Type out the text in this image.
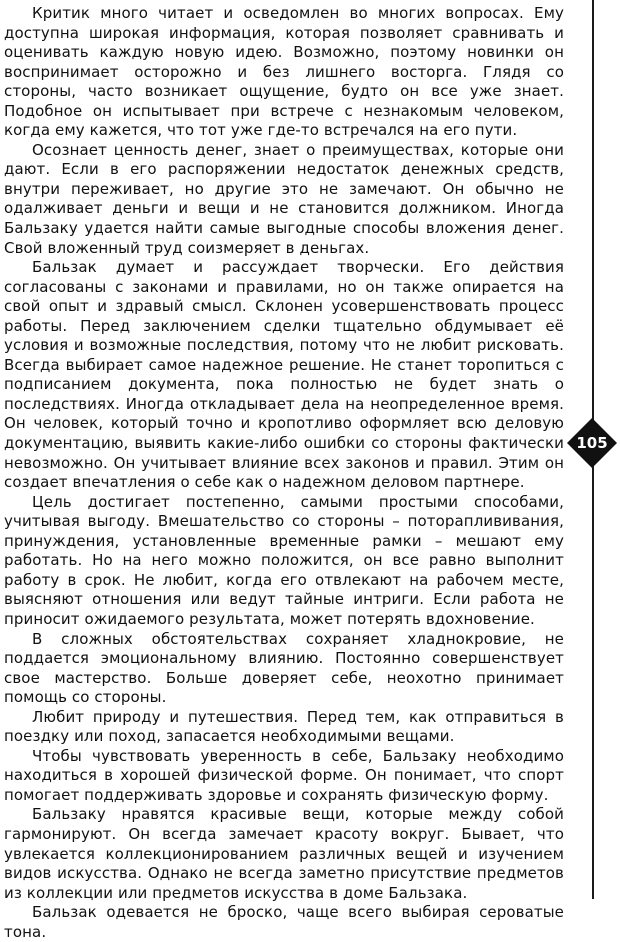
Критик много читает и осведомлен во многих вопросах. Ему доступна широкая информация, которая позволяет сравнивать и оценивать каждую новую идею. Возможно, поэтому новинки он воспринимает осторожно и без лишнего восторга. Глядя со стороны, часто возникает ощущение, будто он все уже знает. Подобное он испытывает при встрече с незнакомым человеком, когда ему кажется, что тот уже где-то встречался на его пути.

Осознает ценность денег, знает о преимуществах, которые они дают. Если в его распоряжении недостаток денежных средств, внутри переживает, но другие это не замечают. Он обычно не одалживает деньги и вещи и не становится должником. Иногда Бальзаку удается найти самые выгодные способы вложения денег. Свой вложенный труд соизмеряет в деньгах.

Бальзак думает и рассуждает творчески. Его действия согласованы с законами и правилами, но он также опирается на свой опыт и здравый смысл. Склонен усовершенствовать процесс работы. Перед заключением сделки тщательно обдумывает её условия и возможные последствия, потому что не любит рисковать. Всегда выбирает самое надежное решение. Не станет торопиться с подписанием документа, пока полностью не будет знать о последствиях. Иногда откладывает дела на неопределенное время. Он человек, который точно и кропотливо оформляет всю деловую документацию, выявить какие-либо ошибки со стороны фактически невозможно. Он учитывает влияние всех законов и правил. Этим он создает впечатления о себе как о надежном деловом партнере.

Цель достигает постепенно, самыми простыми способами, учитывая выгоду. Вмешательство со стороны – потораплививания, принуждения, установленные временные рамки – мешают ему работать. Но на него можно положится, он все равно выполнит работу в срок. Не любит, когда его отвлекают на рабочем месте, выясняют отношения или ведут тайные интриги. Если работа не приносит ожидаемого результата, может потерять вдохновение.

В сложных обстоятельствах сохраняет хладнокровие, не поддается эмоциональному влиянию. Постоянно совершенствует свое мастерство. Больше доверяет себе, неохотно принимает помощь со стороны.

Любит природу и путешествия. Перед тем, как отправиться в поездку или поход, запасается необходимыми вещами.

Чтобы чувствовать уверенность в себе, Бальзаку необходимо находиться в хорошей физической форме. Он понимает, что спорт помогает поддерживать здоровье и сохранять физическую форму.

Бальзаку нравятся красивые вещи, которые между собой гармонируют. Он всегда замечает красоту вокруг. Бывает, что увлекается коллекционированием различных вещей и изучением видов искусства. Однако не всегда заметно присутствие предметов из коллекции или предметов искусства в доме Бальзака.

Бальзак одевается не броско, чаще всего выбирая сероватые тона.

105
